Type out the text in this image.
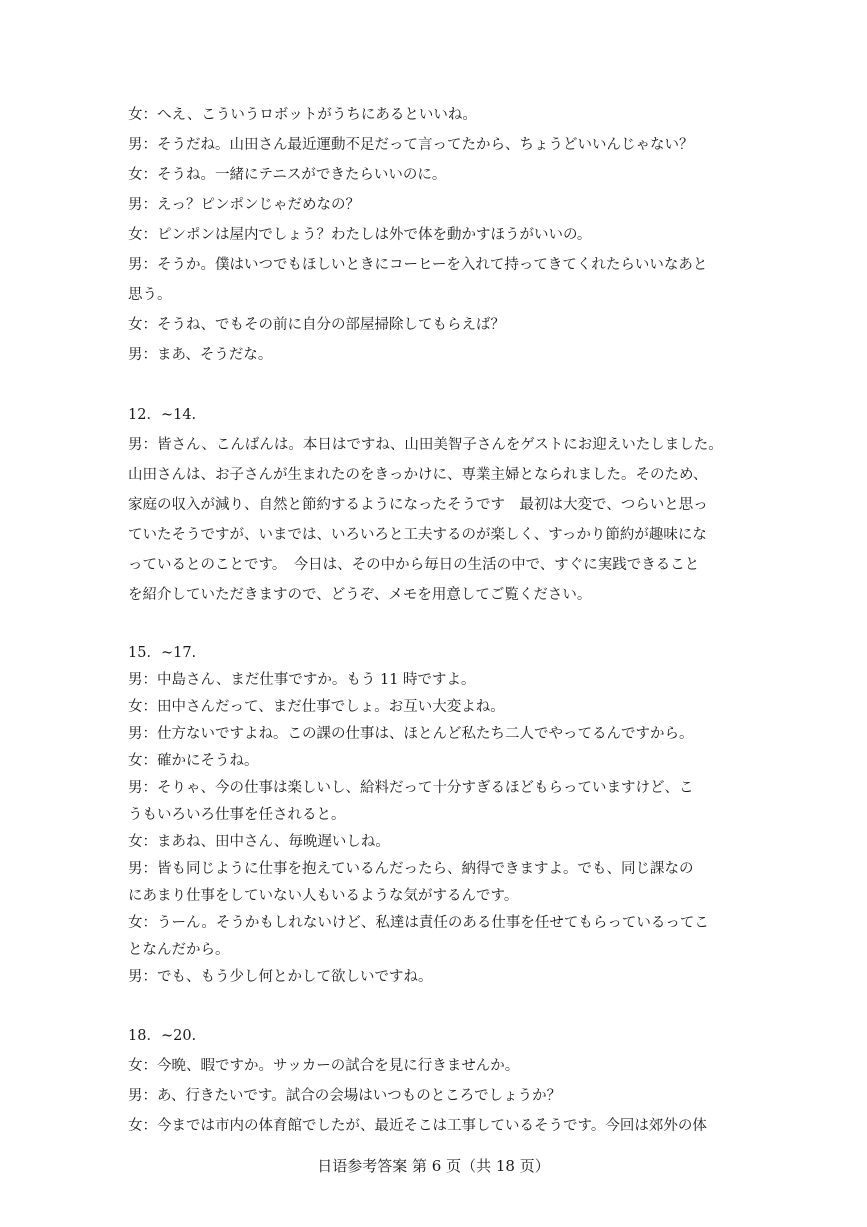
女：へえ、こういうロボットがうちにあるといいね。
男：そうだね。山田さん最近運動不足だって言ってたから、ちょうどいいんじゃない？
女：そうね。一緒にテニスができたらいいのに。
男：えっ？ピンポンじゃだめなの？
女：ピンポンは屋内でしょう？わたしは外で体を動かすほうがいいの。
男：そうか。僕はいつでもほしいときにコーヒーを入れて持ってきてくれたらいいなあと
思う。
女：そうね、でもその前に自分の部屋掃除してもらえば？
男：まあ、そうだな。
12．~14.
男：皆さん、こんばんは。本日はですね、山田美智子さんをゲストにお迎えいたしました。
山田さんは、お子さんが生まれたのをきっかけに、専業主婦となられました。そのため、
家庭の収入が減り、自然と節約するようになったそうです　最初は大変で、つらいと思っ
ていたそうですが、いまでは、いろいろと工夫するのが楽しく、すっかり節約が趣味にな
っているとのことです。　今日は、その中から毎日の生活の中で、すぐに実践できること
を紹介していただきますので、どうぞ、メモを用意してご覧ください。
15．~17.
男：中島さん、まだ仕事ですか。もう 11 時ですよ。
女：田中さんだって、まだ仕事でしょ。お互い大変よね。
男：仕方ないですよね。この課の仕事は、ほとんど私たち二人でやってるんですから。
女：確かにそうね。
男：そりゃ、今の仕事は楽しいし、給料だって十分すぎるほどもらっていますけど、こ
うもいろいろ仕事を任されると。
女：まあね、田中さん、毎晩遅いしね。
男：皆も同じように仕事を抱えているんだったら、納得できますよ。でも、同じ課なの
にあまり仕事をしていない人もいるような気がするんです。
女：うーん。そうかもしれないけど、私達は責任のある仕事を任せてもらっているってこ
となんだから。
男：でも、もう少し何とかして欲しいですね。
18．~20.
女：今晩、暇ですか。サッカーの試合を見に行きませんか。
男：あ、行きたいです。試合の会場はいつものところでしょうか？
女：今までは市内の体育館でしたが、最近そこは工事しているそうです。今回は郊外の体
日语参考答案 第 6 页（共 18 页）
